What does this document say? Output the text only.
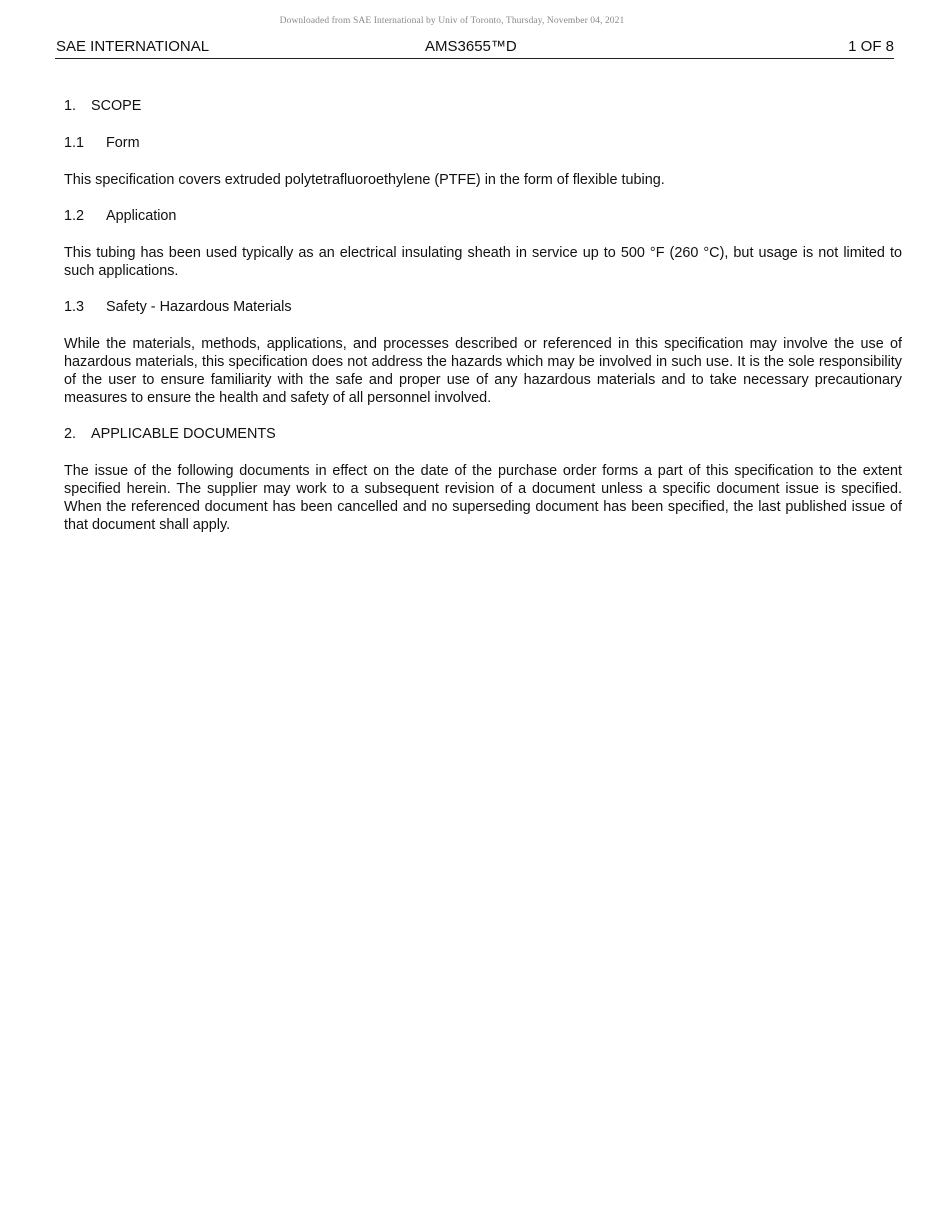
Downloaded from SAE International by Univ of Toronto, Thursday, November 04, 2021
SAE INTERNATIONAL	AMS3655™D	1 OF 8

1. SCOPE

1.1 Form

This specification covers extruded polytetrafluoroethylene (PTFE) in the form of flexible tubing.

1.2 Application

This tubing has been used typically as an electrical insulating sheath in service up to 500 °F (260 °C), but usage is not limited to such applications.

1.3 Safety - Hazardous Materials

While the materials, methods, applications, and processes described or referenced in this specification may involve the use of hazardous materials, this specification does not address the hazards which may be involved in such use. It is the sole responsibility of the user to ensure familiarity with the safe and proper use of any hazardous materials and to take necessary precautionary measures to ensure the health and safety of all personnel involved.

2. APPLICABLE DOCUMENTS

The issue of the following documents in effect on the date of the purchase order forms a part of this specification to the extent specified herein. The supplier may work to a subsequent revision of a document unless a specific document issue is specified. When the referenced document has been cancelled and no superseding document has been specified, the last published issue of that document shall apply.
